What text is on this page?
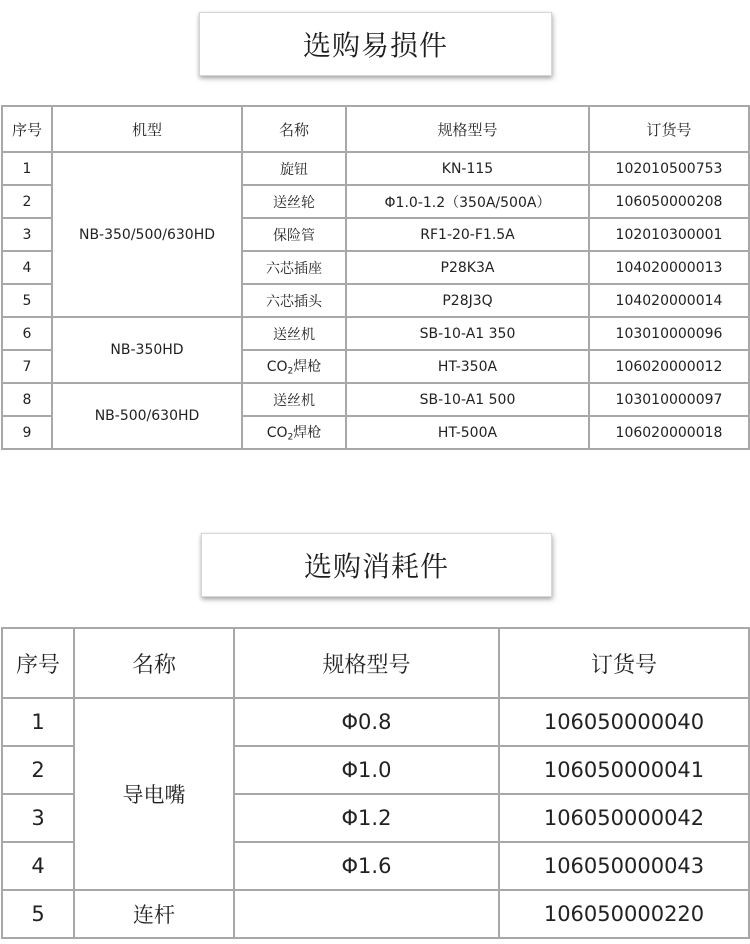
选购易损件
序号	机型	名称	规格型号	订货号
1	NB-350/500/630HD	旋钮	KN-115	102010500753
2		送丝轮	Φ1.0-1.2（350A/500A）	106050000208
3		保险管	RF1-20-F1.5A	102010300001
4		六芯插座	P28K3A	104020000013
5		六芯插头	P28J3Q	104020000014
6	NB-350HD	送丝机	SB-10-A1 350	103010000096
7		$CO_2$焊枪	HT-350A	106020000012
8	NB-500/630HD	送丝机	SB-10-A1 500	103010000097
9		$CO_2$焊枪	HT-500A	106020000018
选购消耗件
序号	名称	规格型号	订货号
1	导电嘴	Φ0.8	106050000040
2		Φ1.0	106050000041
3		Φ1.2	106050000042
4		Φ1.6	106050000043
5	连杆		106050000220
